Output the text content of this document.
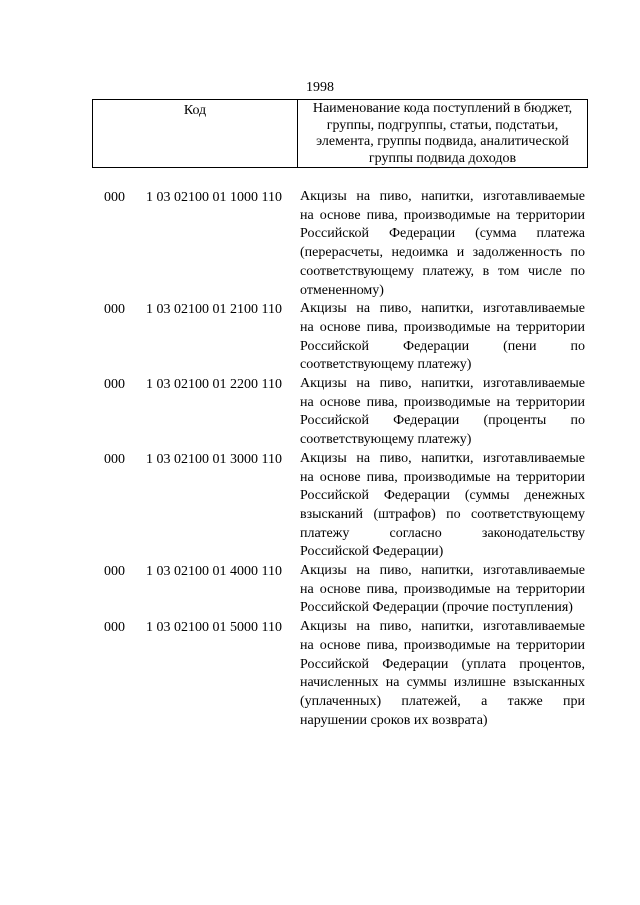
1998
Код	Наименование кода поступлений в бюджет,
группы, подгруппы, статьи, подстатьи,
элемента, группы подвида, аналитической
группы подвида доходов
000 1 03 02100 01 1000 110 Акцизы на пиво, напитки, изготавливаемые
на основе пива, производимые на территории
Российской Федерации (сумма платежа
(перерасчеты, недоимка и задолженность по
соответствующему платежу, в том числе по
отмененному)
000 1 03 02100 01 2100 110 Акцизы на пиво, напитки, изготавливаемые
на основе пива, производимые на территории
Российской Федерации (пени по
соответствующему платежу)
000 1 03 02100 01 2200 110 Акцизы на пиво, напитки, изготавливаемые
на основе пива, производимые на территории
Российской Федерации (проценты по
соответствующему платежу)
000 1 03 02100 01 3000 110 Акцизы на пиво, напитки, изготавливаемые
на основе пива, производимые на территории
Российской Федерации (суммы денежных
взысканий (штрафов) по соответствующему
платежу согласно законодательству
Российской Федерации)
000 1 03 02100 01 4000 110 Акцизы на пиво, напитки, изготавливаемые
на основе пива, производимые на территории
Российской Федерации (прочие поступления)
000 1 03 02100 01 5000 110 Акцизы на пиво, напитки, изготавливаемые
на основе пива, производимые на территории
Российской Федерации (уплата процентов,
начисленных на суммы излишне взысканных
(уплаченных) платежей, а также при
нарушении сроков их возврата)
